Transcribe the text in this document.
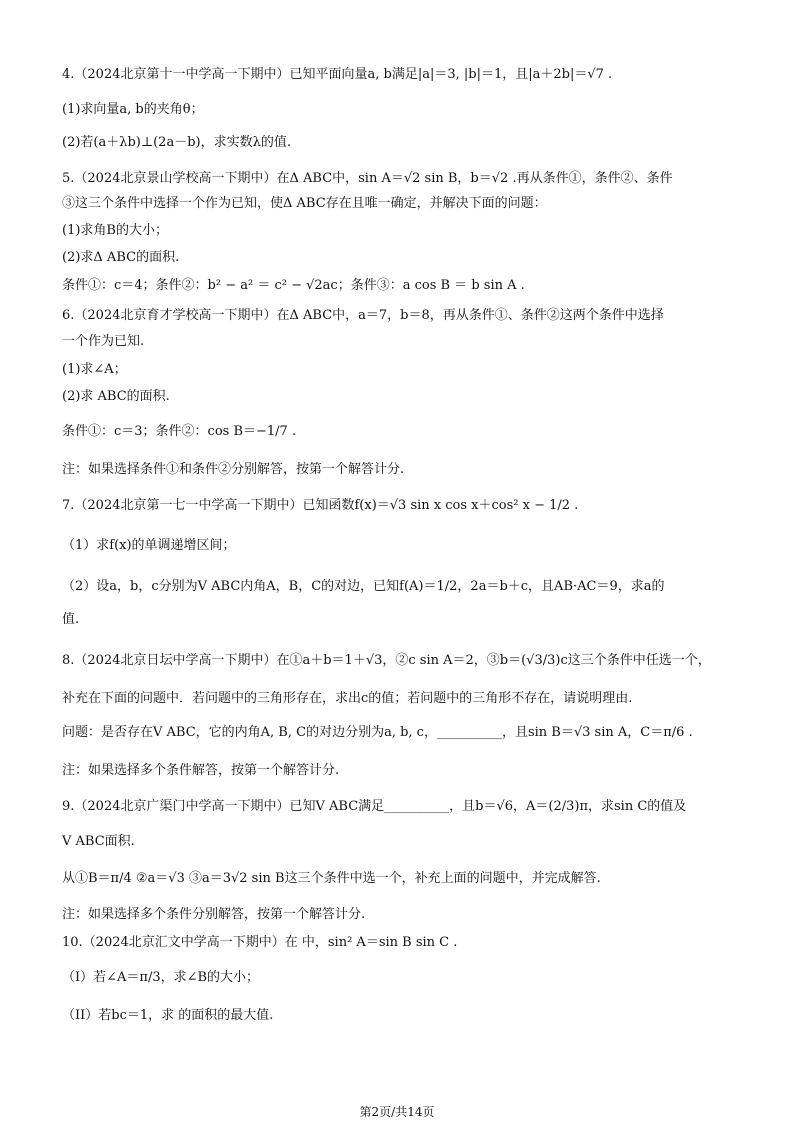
4.（2024北京第十一中学高一下期中）已知平面向量a, b满足|a|＝3, |b|＝1，且|a＋2b|＝√7 .
(1)求向量a, b的夹角θ；
(2)若(a＋λb)⊥(2a－b)，求实数λ的值.
5.（2024北京景山学校高一下期中）在Δ ABC中，sin A＝√2 sin B，b＝√2 .再从条件①，条件②、条件
③这三个条件中选择一个作为已知，使Δ ABC存在且唯一确定，并解决下面的问题：
(1)求角B的大小；
(2)求Δ ABC的面积.
条件①：c＝4；条件②：b² − a² ＝ c² − √2ac；条件③：a cos B ＝ b sin A .
6.（2024北京育才学校高一下期中）在Δ ABC中，a＝7，b＝8，再从条件①、条件②这两个条件中选择
一个作为已知.
(1)求∠A；
(2)求 ABC的面积.
条件①：c＝3；条件②：cos B＝−1/7 .
注：如果选择条件①和条件②分别解答，按第一个解答计分.
7.（2024北京第一七一中学高一下期中）已知函数f(x)＝√3 sin x cos x＋cos² x − 1/2 .
（1）求f(x)的单调递增区间；
（2）设a，b，c分别为V ABC内角A，B，C的对边，已知f(A)＝1/2，2a＝b＋c，且AB·AC＝9，求a的
值.
8.（2024北京日坛中学高一下期中）在①a＋b＝1＋√3，②c sin A＝2，③b＝(√3/3)c这三个条件中任选一个，
补充在下面的问题中．若问题中的三角形存在，求出c的值；若问题中的三角形不存在，请说明理由.
问题：是否存在V ABC，它的内角A, B, C的对边分别为a, b, c，__________，且sin B＝√3 sin A，C＝π/6 .
注：如果选择多个条件解答，按第一个解答计分.
9.（2024北京广渠门中学高一下期中）已知V ABC满足__________，且b＝√6，A＝(2/3)π，求sin C的值及
V ABC面积.
从①B＝π/4 ②a＝√3 ③a＝3√2 sin B这三个条件中选一个，补充上面的问题中，并完成解答.
注：如果选择多个条件分别解答，按第一个解答计分.
10.（2024北京汇文中学高一下期中）在 中，sin² A＝sin B sin C .
（I）若∠A＝π/3，求∠B的大小；
（II）若bc＝1，求 的面积的最大值.
第2页/共14页
